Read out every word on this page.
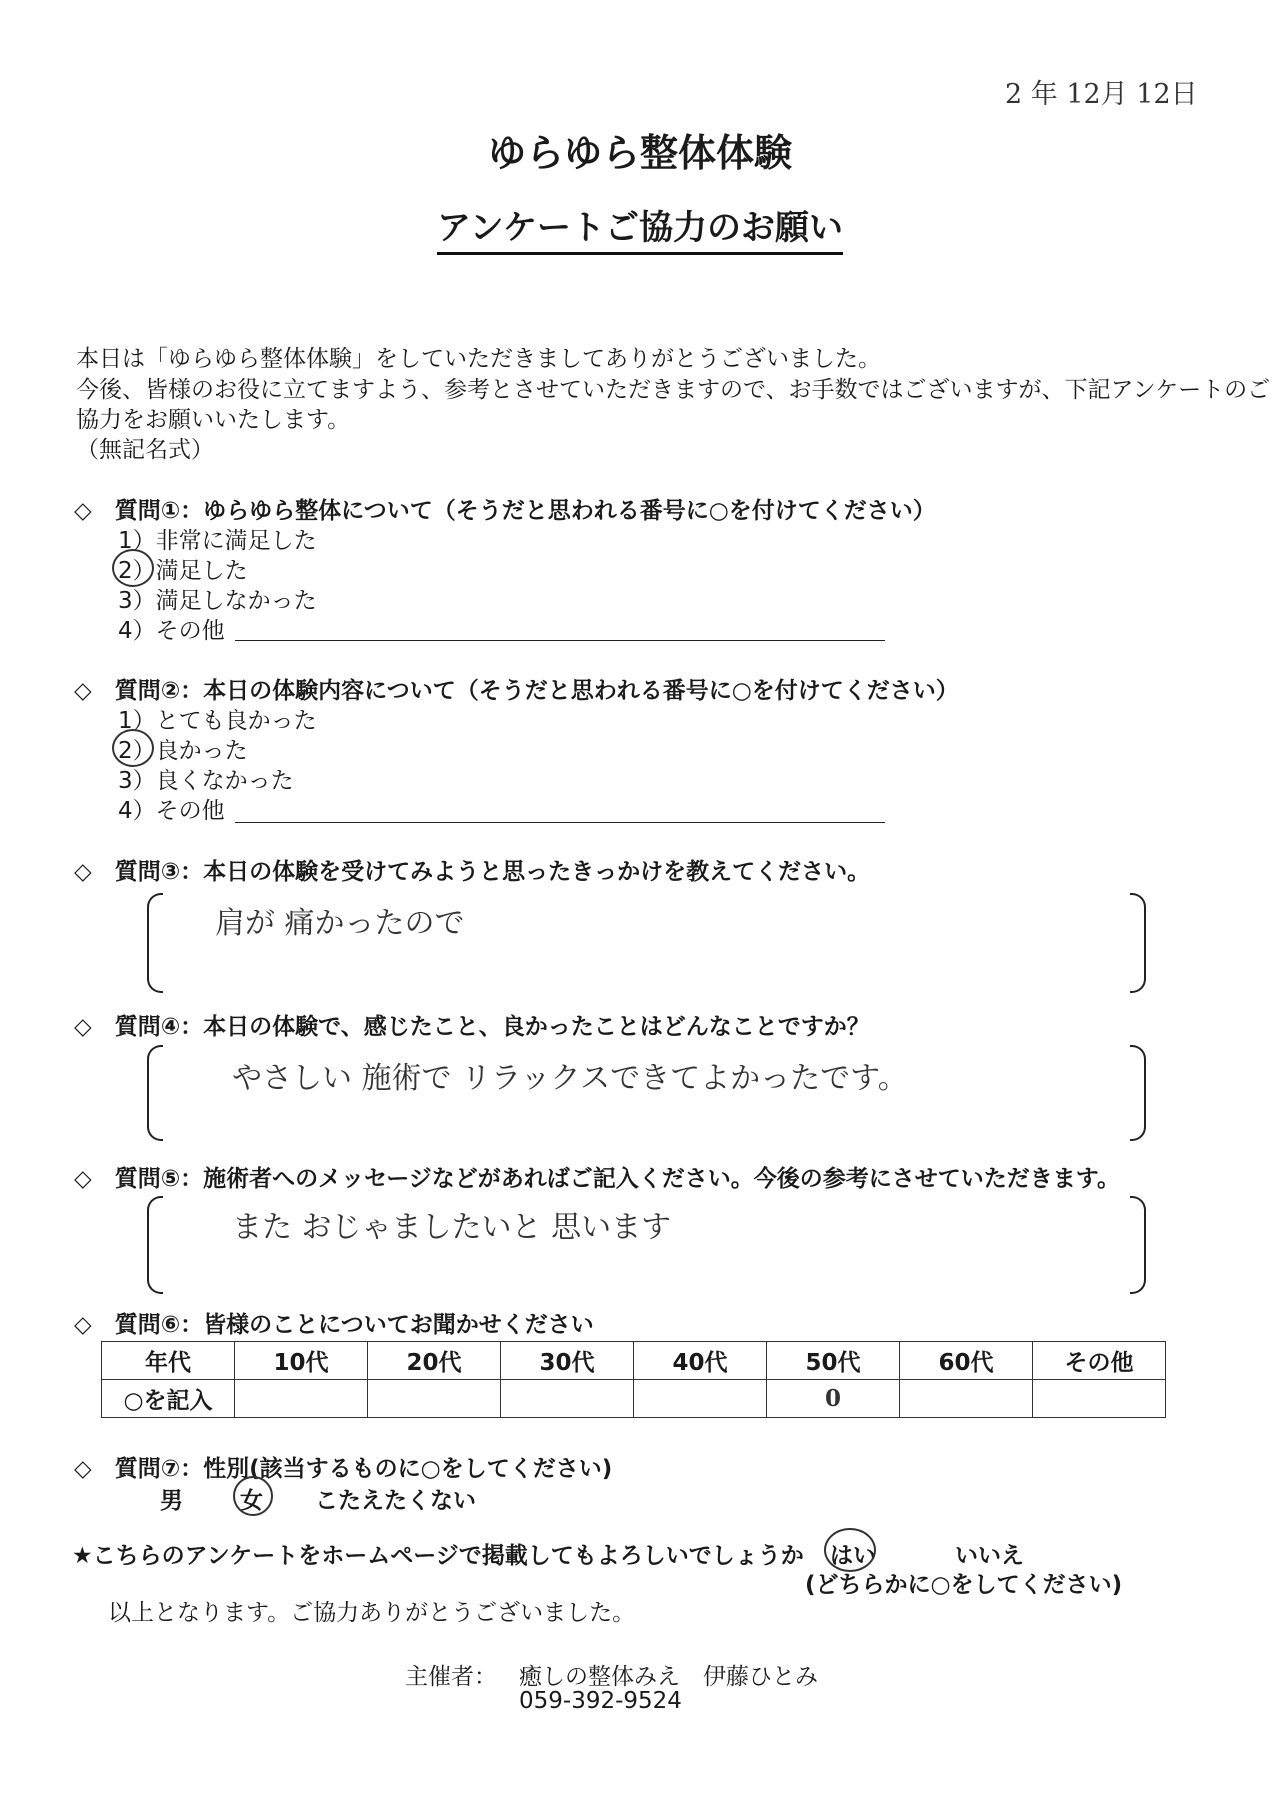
2 年 12月 12日
ゆらゆら整体体験
アンケートご協力のお願い
本日は「ゆらゆら整体体験」をしていただきましてありがとうございました。
今後、皆様のお役に立てますよう、参考とさせていただきますので、お手数ではございますが、下記アンケートのご
協力をお願いいたします。
（無記名式）
◇　質問①：ゆらゆら整体について（そうだと思われる番号に○を付けてください）
1）非常に満足した
2）満足した
3）満足しなかった
4）その他
◇　質問②：本日の体験内容について（そうだと思われる番号に○を付けてください）
1）とても良かった
2）良かった
3）良くなかった
4）その他
◇　質問③：本日の体験を受けてみようと思ったきっかけを教えてください。
肩が 痛かったので
◇　質問④：本日の体験で、感じたこと、良かったことはどんなことですか？
やさしい 施術で リラックスできてよかったです。
◇　質問⑤：施術者へのメッセージなどがあればご記入ください。今後の参考にさせていただきます。
また おじゃましたいと 思います
◇　質問⑥：皆様のことについてお聞かせください
年代	10代	20代	30代	40代	50代	60代	その他
○を記入					0		
◇　質問⑦：性別(該当するものに○をしてください)
男 女 こたえたくない
★こちらのアンケートをホームページで掲載してもよろしいでしょうか はい	いいえ
(どちらかに○をしてください)
以上となります。ご協力ありがとうございました。
主催者： 癒しの整体みえ　伊藤ひとみ
059-392-9524
